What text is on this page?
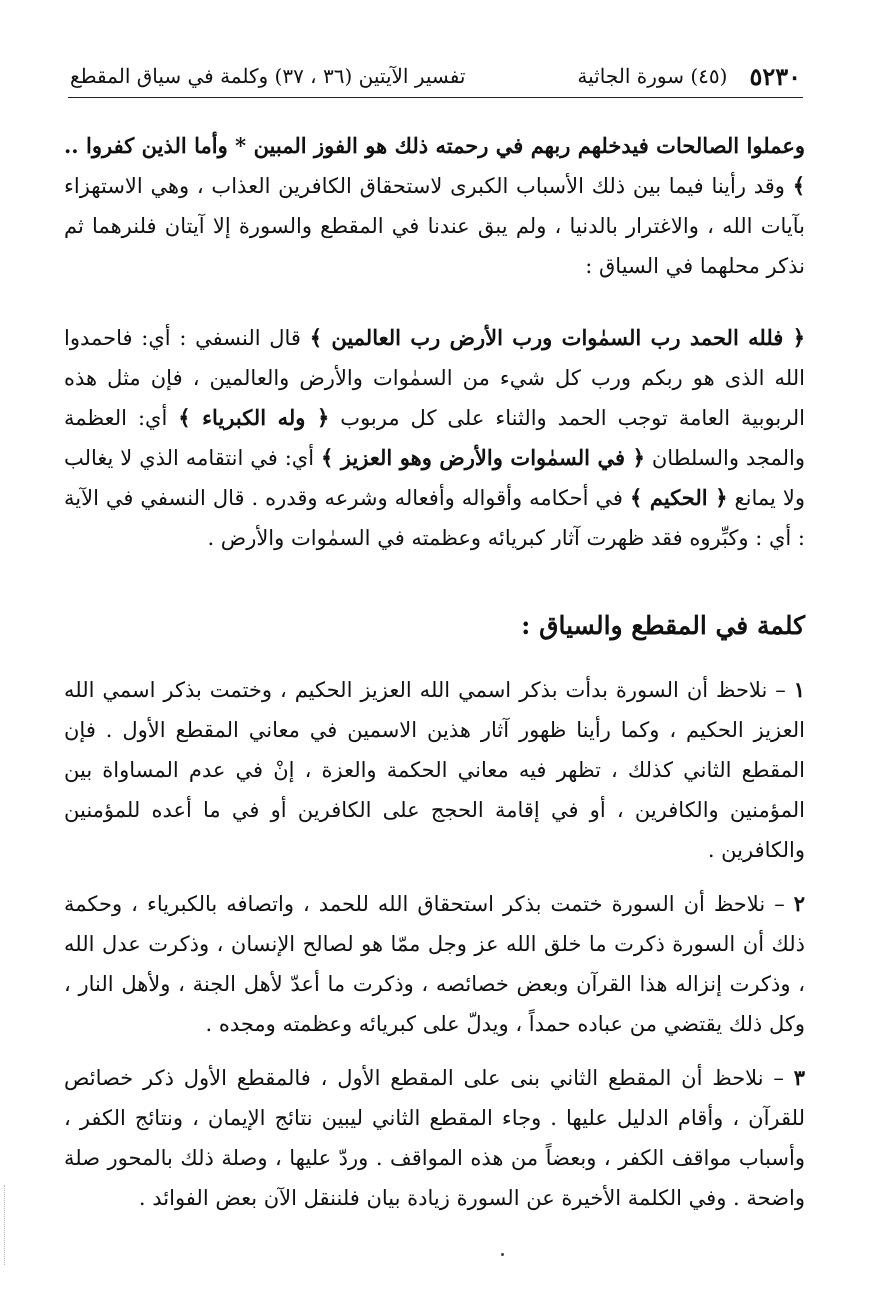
٥٢٣٠
(٤٥) سورة الجاثية
تفسير الآيتين (٣٦ ، ٣٧) وكلمة في سياق المقطع

وعملوا الصالحات فيدخلهم ربهم في رحمته ذلك هو الفوز المبين * وأما الذين كفروا .. ﴾ وقد رأينا فيما بين ذلك الأسباب الكبرى لاستحقاق الكافرين العذاب ، وهي الاستهزاء بآيات الله ، والاغترار بالدنيا ، ولم يبق عندنا في المقطع والسورة إلا آيتان فلنرهما ثم نذكر محلهما في السياق :

﴿ فلله الحمد رب السمٰوات ورب الأرض رب العالمين ﴾ قال النسفي : أي: فاحمدوا الله الذى هو ربكم ورب كل شيء من السمٰوات والأرض والعالمين ، فإن مثل هذه الربوبية العامة توجب الحمد والثناء على كل مربوب ﴿ وله الكبرياء ﴾ أي: العظمة والمجد والسلطان ﴿ في السمٰوات والأرض وهو العزيز ﴾ أي: في انتقامه الذي لا يغالب ولا يمانع ﴿ الحكيم ﴾ في أحكامه وأقواله وأفعاله وشرعه وقدره . قال النسفي في الآية : أي : وكبِّروه فقد ظهرت آثار كبريائه وعظمته في السمٰوات والأرض .

كلمة في المقطع والسياق :

١ – نلاحظ أن السورة بدأت بذكر اسمي الله العزيز الحكيم ، وختمت بذكر اسمي الله العزيز الحكيم ، وكما رأينا ظهور آثار هذين الاسمين في معاني المقطع الأول . فإن المقطع الثاني كذلك ، تظهر فيه معاني الحكمة والعزة ، إنْ في عدم المساواة بين المؤمنين والكافرين ، أو في إقامة الحجج على الكافرين أو في ما أعده للمؤمنين والكافرين .

٢ – نلاحظ أن السورة ختمت بذكر استحقاق الله للحمد ، واتصافه بالكبرياء ، وحكمة ذلك أن السورة ذكرت ما خلق الله عز وجل ممّا هو لصالح الإنسان ، وذكرت عدل الله ، وذكرت إنزاله هذا القرآن وبعض خصائصه ، وذكرت ما أعدّ لأهل الجنة ، ولأهل النار ، وكل ذلك يقتضي من عباده حمداً ، ويدلّ على كبريائه وعظمته ومجده .

٣ – نلاحظ أن المقطع الثاني بنى على المقطع الأول ، فالمقطع الأول ذكر خصائص للقرآن ، وأقام الدليل عليها . وجاء المقطع الثاني ليبين نتائج الإيمان ، ونتائج الكفر ، وأسباب مواقف الكفر ، وبعضاً من هذه المواقف . وردّ عليها ، وصلة ذلك بالمحور صلة واضحة . وفي الكلمة الأخيرة عن السورة زيادة بيان فلننقل الآن بعض الفوائد .
